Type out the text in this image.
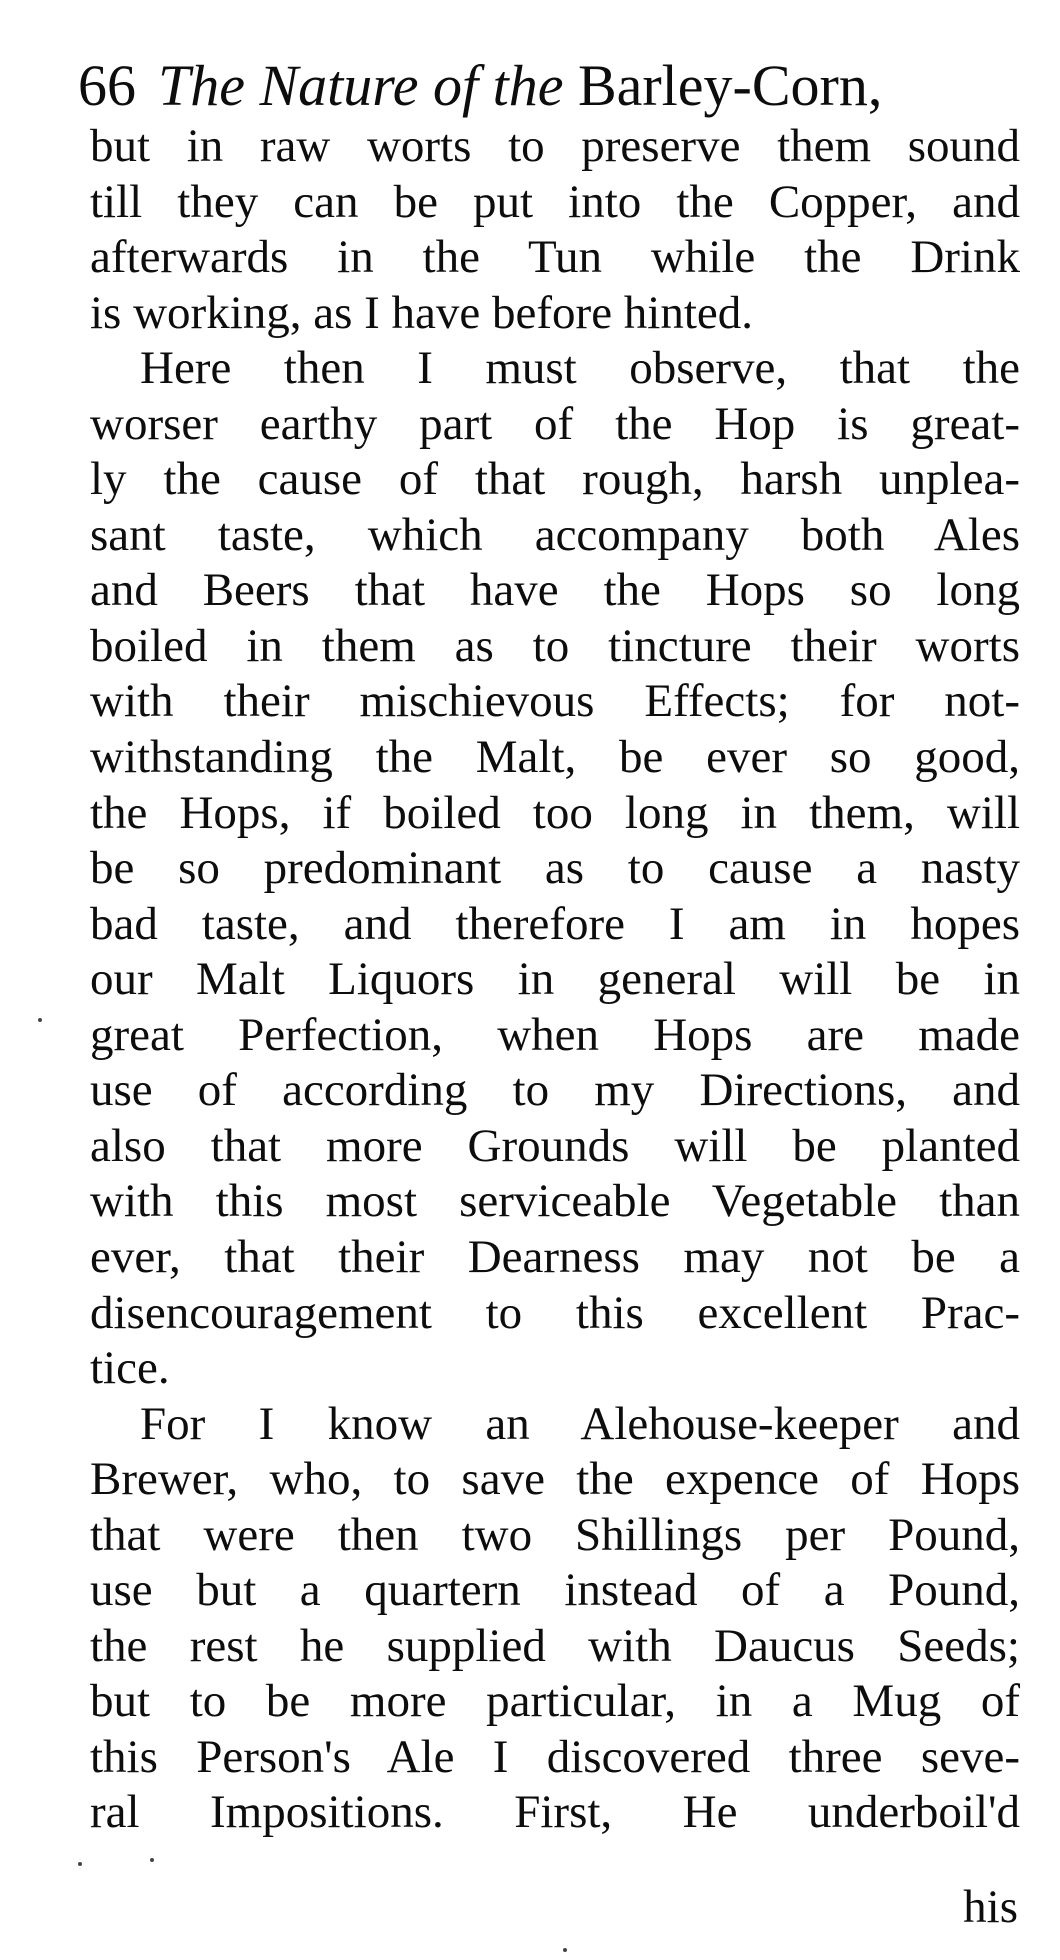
66 The Nature of the Barley-Corn,
but in raw worts to preserve them sound
till they can be put into the Copper, and
afterwards in the Tun while the Drink
is working, as I have before hinted.
Here then I must observe, that the
worser earthy part of the Hop is great-
ly the cause of that rough, harsh unplea-
sant taste, which accompany both Ales
and Beers that have the Hops so long
boiled in them as to tincture their worts
with their mischievous Effects; for not-
withstanding the Malt, be ever so good,
the Hops, if boiled too long in them, will
be so predominant as to cause a nasty
bad taste, and therefore I am in hopes
our Malt Liquors in general will be in
great Perfection, when Hops are made
use of according to my Directions, and
also that more Grounds will be planted
with this most serviceable Vegetable than
ever, that their Dearness may not be a
disencouragement to this excellent Prac-
tice.
For I know an Alehouse-keeper and
Brewer, who, to save the expence of Hops
that were then two Shillings per Pound,
use but a quartern instead of a Pound,
the rest he supplied with Daucus Seeds;
but to be more particular, in a Mug of
this Person's Ale I discovered three seve-
ral Impositions. First, He underboil'd
his
